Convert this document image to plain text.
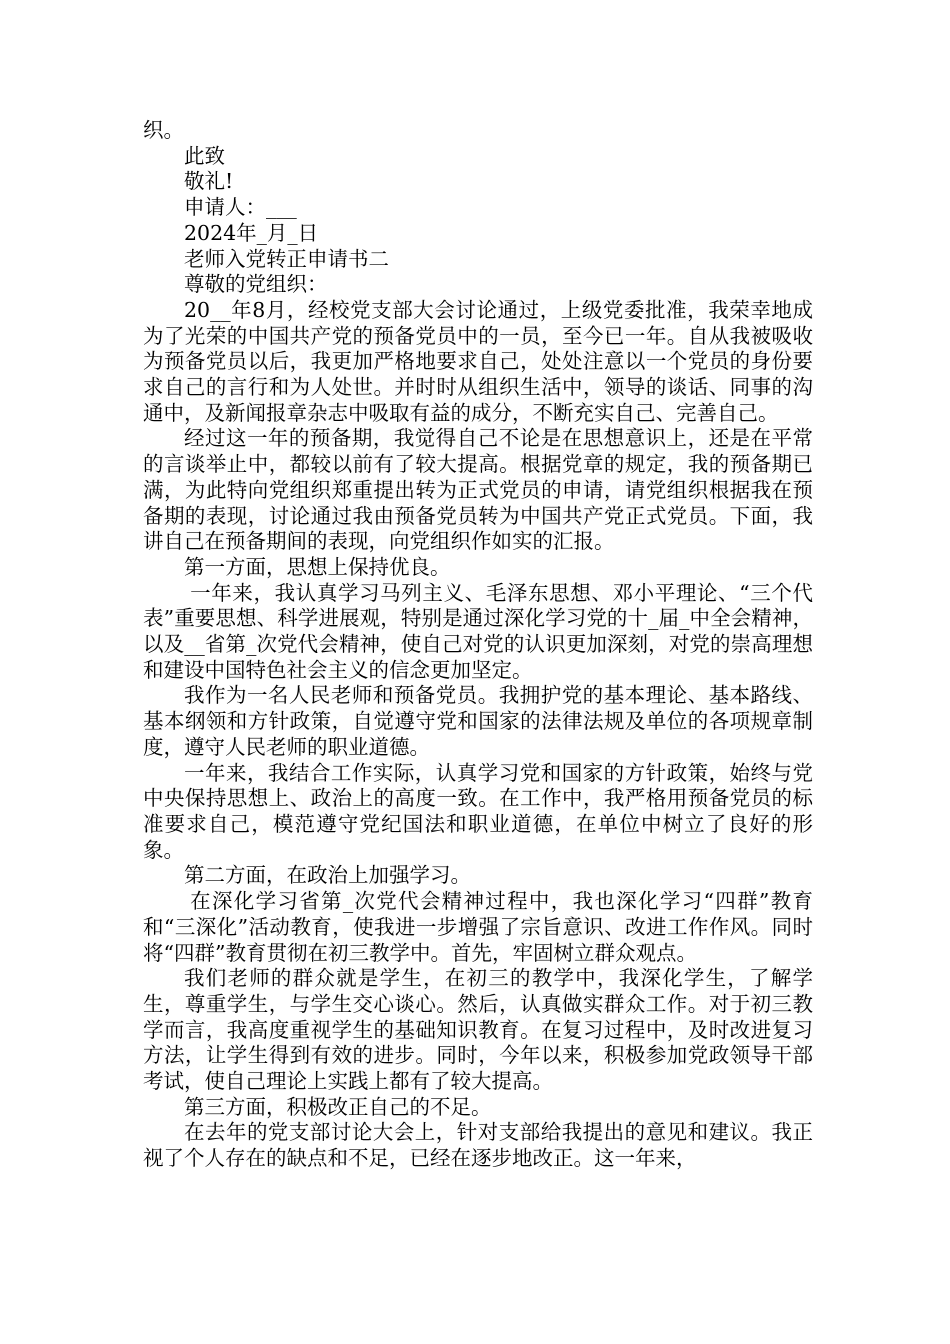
织。

此致

敬礼!

申请人：___

2024年_月_日

老师入党转正申请书二

尊敬的党组织：

20__年8月，经校党支部大会讨论通过，上级党委批准，我荣幸地成为了光荣的中国共产党的预备党员中的一员，至今已一年。自从我被吸收为预备党员以后，我更加严格地要求自己，处处注意以一个党员的身份要求自己的言行和为人处世。并时时从组织生活中，领导的谈话、同事的沟通中，及新闻报章杂志中吸取有益的成分，不断充实自己、完善自己。

经过这一年的预备期，我觉得自己不论是在思想意识上，还是在平常的言谈举止中，都较以前有了较大提高。根据党章的规定，我的预备期已满，为此特向党组织郑重提出转为正式党员的申请，请党组织根据我在预备期的表现，讨论通过我由预备党员转为中国共产党正式党员。下面，我讲自己在预备期间的表现，向党组织作如实的汇报。

第一方面，思想上保持优良。

一年来，我认真学习马列主义、毛泽东思想、邓小平理论、“三个代表”重要思想、科学进展观，特别是通过深化学习党的十_届_中全会精神，以及__省第_次党代会精神，使自己对党的认识更加深刻，对党的崇高理想和建设中国特色社会主义的信念更加坚定。

我作为一名人民老师和预备党员。我拥护党的基本理论、基本路线、基本纲领和方针政策，自觉遵守党和国家的法律法规及单位的各项规章制度，遵守人民老师的职业道德。

一年来，我结合工作实际，认真学习党和国家的方针政策，始终与党中央保持思想上、政治上的高度一致。在工作中，我严格用预备党员的标准要求自己，模范遵守党纪国法和职业道德，在单位中树立了良好的形象。

第二方面，在政治上加强学习。

在深化学习省第_次党代会精神过程中，我也深化学习“四群”教育和“三深化”活动教育，使我进一步增强了宗旨意识、改进工作作风。同时将“四群”教育贯彻在初三教学中。首先，牢固树立群众观点。

我们老师的群众就是学生，在初三的教学中，我深化学生，了解学生，尊重学生，与学生交心谈心。然后，认真做实群众工作。对于初三教学而言，我高度重视学生的基础知识教育。在复习过程中，及时改进复习方法，让学生得到有效的进步。同时，今年以来，积极参加党政领导干部考试，使自己理论上实践上都有了较大提高。

第三方面，积极改正自己的不足。

在去年的党支部讨论大会上，针对支部给我提出的意见和建议。我正视了个人存在的缺点和不足，已经在逐步地改正。这一年来，
